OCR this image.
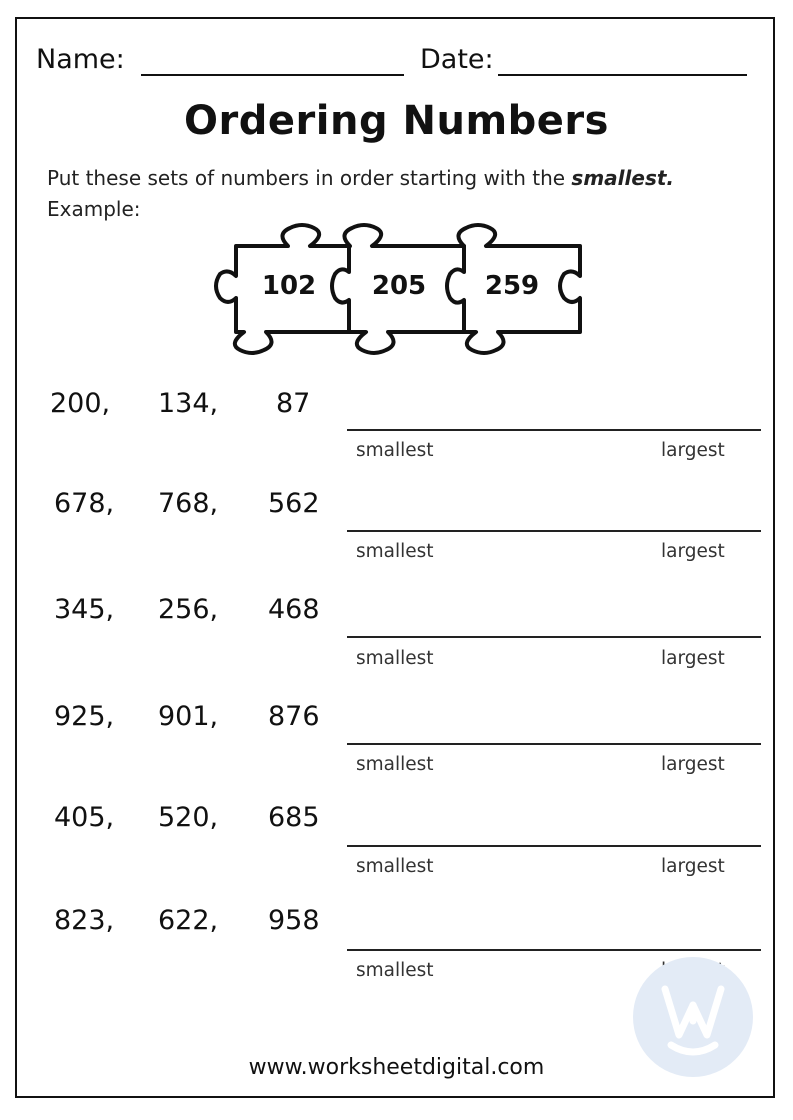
Name:	Date:
Ordering Numbers
Put these sets of numbers in order starting with the smallest.
Example:
102	205	259
200, 134, 87
smallest	largest
678, 768, 562
smallest	largest
345, 256, 468
smallest	largest
925, 901, 876
smallest	largest
405, 520, 685
smallest	largest
823, 622, 958
smallest
www.worksheetdigital.com
